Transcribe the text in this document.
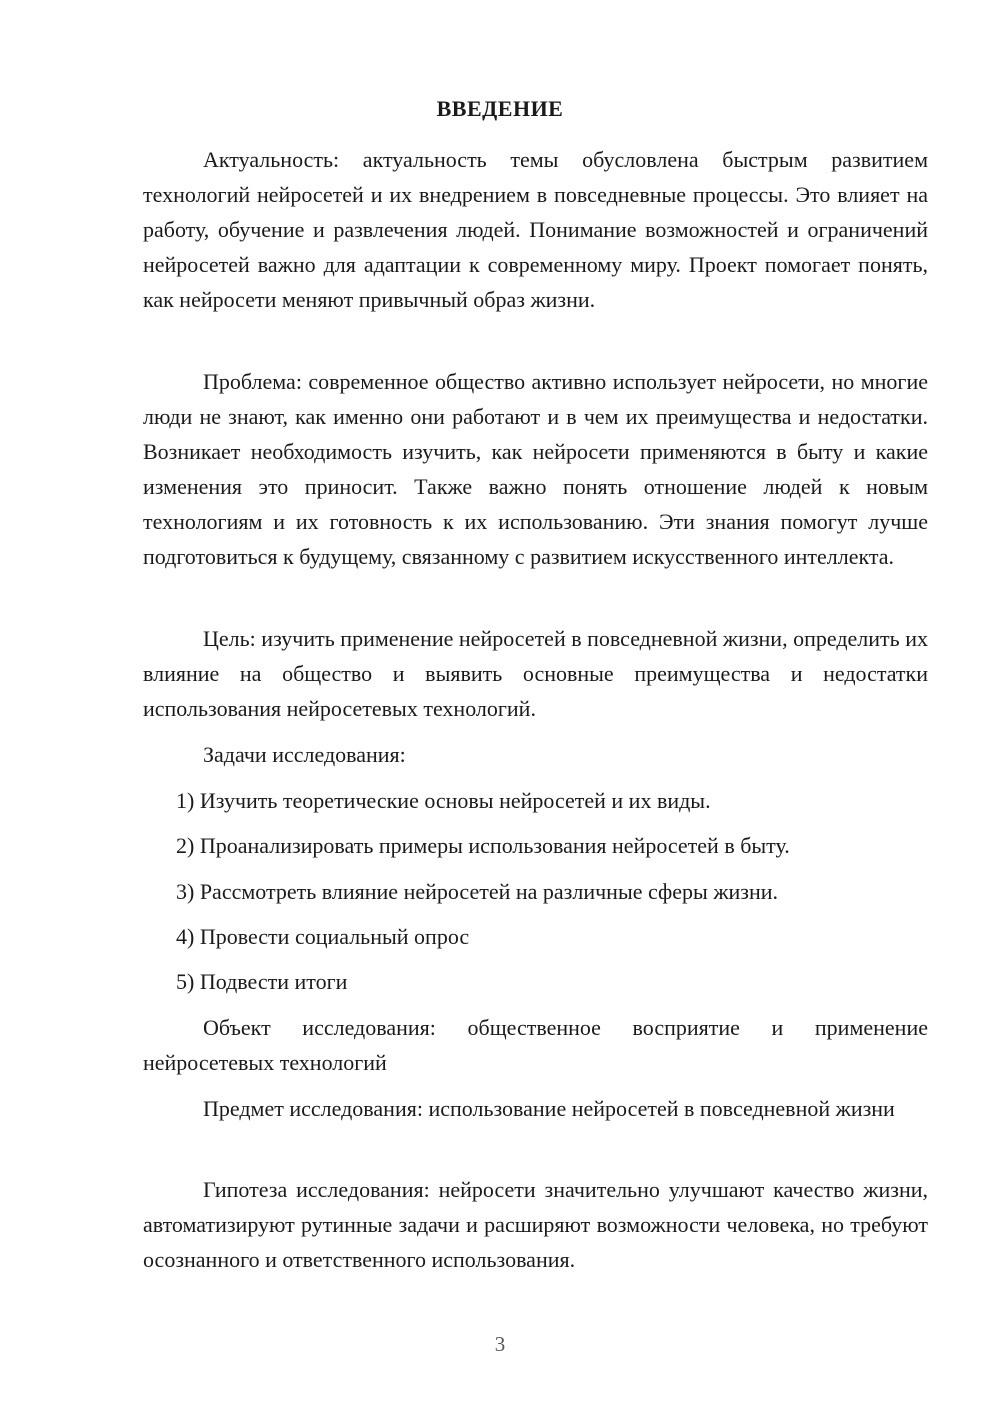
ВВЕДЕНИЕ

Актуальность: актуальность темы обусловлена быстрым развитием технологий нейросетей и их внедрением в повседневные процессы. Это влияет на работу, обучение и развлечения людей. Понимание возможностей и ограничений нейросетей важно для адаптации к современному миру. Проект помогает понять, как нейросети меняют привычный образ жизни.

Проблема: современное общество активно использует нейросети, но многие люди не знают, как именно они работают и в чем их преимущества и недостатки. Возникает необходимость изучить, как нейросети применяются в быту и какие изменения это приносит. Также важно понять отношение людей к новым технологиям и их готовность к их использованию. Эти знания помогут лучше подготовиться к будущему, связанному с развитием искусственного интеллекта.

Цель: изучить применение нейросетей в повседневной жизни, определить их влияние на общество и выявить основные преимущества и недостатки использования нейросетевых технологий.

Задачи исследования:

1) Изучить теоретические основы нейросетей и их виды.

2) Проанализировать примеры использования нейросетей в быту.

3) Рассмотреть влияние нейросетей на различные сферы жизни.

4) Провести социальный опрос

5) Подвести итоги

Объект исследования: общественное восприятие и применение нейросетевых технологий

Предмет исследования: использование нейросетей в повседневной жизни

Гипотеза исследования: нейросети значительно улучшают качество жизни, автоматизируют рутинные задачи и расширяют возможности человека, но требуют осознанного и ответственного использования.

3
